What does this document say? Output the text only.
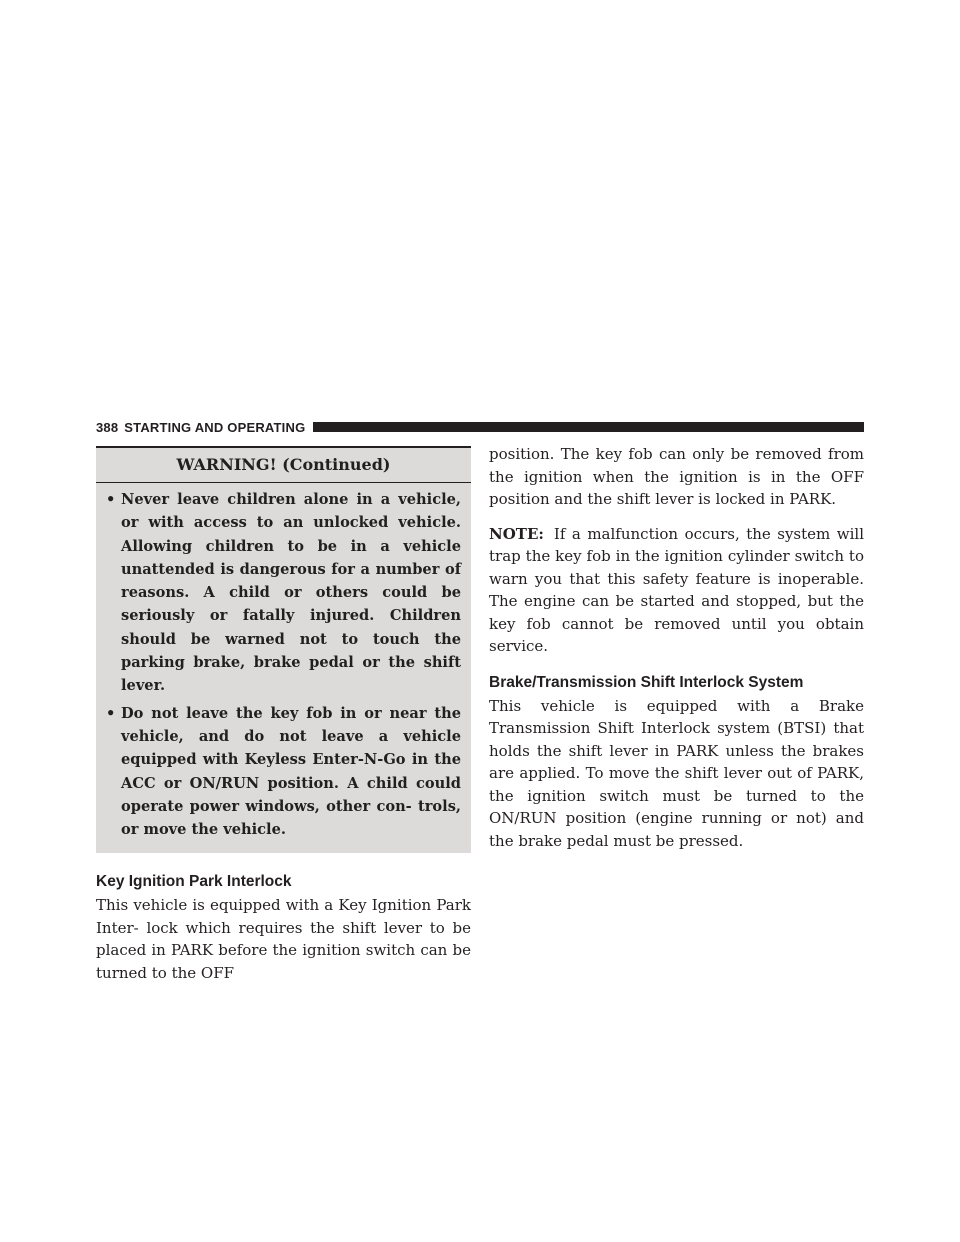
388 STARTING AND OPERATING
WARNING! (Continued)
• Never leave children alone in a vehicle, or with access to an unlocked vehicle. Allowing children to be in a vehicle unattended is dangerous for a number of reasons. A child or others could be seriously or fatally injured. Children should be warned not to touch the parking brake, brake pedal or the shift lever.
• Do not leave the key fob in or near the vehicle, and do not leave a vehicle equipped with Keyless Enter-N-Go in the ACC or ON/RUN position. A child could operate power windows, other con- trols, or move the vehicle.
Key Ignition Park Interlock

This vehicle is equipped with a Key Ignition Park Inter- lock which requires the shift lever to be placed in PARK before the ignition switch can be turned to the OFF

position. The key fob can only be removed from the ignition when the ignition is in the OFF position and the shift lever is locked in PARK.

NOTE: If a malfunction occurs, the system will trap the key fob in the ignition cylinder switch to warn you that this safety feature is inoperable. The engine can be started and stopped, but the key fob cannot be removed until you obtain service.

Brake/Transmission Shift Interlock System

This vehicle is equipped with a Brake Transmission Shift Interlock system (BTSI) that holds the shift lever in PARK unless the brakes are applied. To move the shift lever out of PARK, the ignition switch must be turned to the ON/RUN position (engine running or not) and the brake pedal must be pressed.
